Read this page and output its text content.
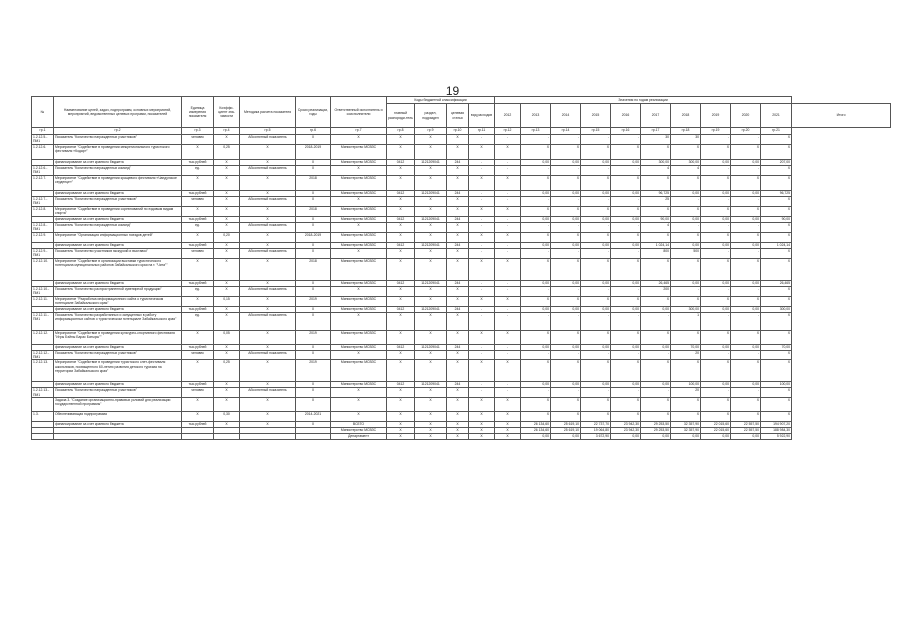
19
№	Наименование целей, задач, подпрограмм, основных мероприятий, мероприятий, ведомственных целевых программ, показателей	Единица измерения показателя	Коэффи-циент зна-чимости	Методика расчета показателя	Сроки реализации, годы	Ответственный исполнитель и соисполнители	Коды бюджетной классификации				Значения по годам реализации										
							главный распоряди-тель	раздел, подраздел	целевая статья	вид расходов	2012	2013	2014	2015	2016	2017	2018	2019	2020	2021	Итого
гр.1	гр.2	гр.3	гр.4	гр.5	гр.6	гр.7	гр.8	гр.9	гр.10	гр.11	гр.12	гр.13	гр.14	гр.15	гр.16	гр.17	гр.18	гр.19	гр.20	гр.21	
1.2.12.5.-ПМ1	Показатель "Количество награжденных участников"	человек	X	Абсолютный показатель	X	X	X	X	X	-	-	-	-	-	-	30	30	-	-	X	
1.2.12.6.	Мероприятие "Содействие в проведении межрегионального туристского фестиваля «Кодар»"	X	0,25	X	2018-2019	Министерство МСВЗС	X	X	X	X	X	X	X	X	X	X	X	X	X	X	
	финансирование за счет краевого бюджета	тыс.рублей	X	X	X	Министерство МСВЗС	0412	1121209041	244	-	-	0,00	0,00	0,00	0,00	300,00	300,00	0,00	0,00	207,00	
1.2.12.6.-ПМ1	Показатель "Количество награжденных команд"	ед.	X	Абсолютный показатель	X	X	X	X	X	-	-	-	-	-	-	4	4	-	-	X	
1.2.12.7.	Мероприятие "Содействие в проведении кращевого фестиваля «Чандулское серденце»"	X	X	X	2018	Министерство МСВЗС	X	X	X	X	X	X	X	X	X	X	X	X	X	X	
	финансирование за счет краевого бюджета	тыс.рублей	X	X	X	Министерство МСВЗС	0412	1121209041	244	-	-	0,00	0,00	0,00	0,00	96,725	0,00	0,00	0,00	96,725	
1.2.12.7.-ПМ1	Показатель "Количество награжденных участников"	человек	X	Абсолютный показатель	X	X	X	X	X	-	-	-	-	-	-	25	-	-	-	X	
1.2.12.8.	Мероприятие "Содействие в проведении соревнований по ездовым видам спорта"	X	X	X	2018	Министерство МСВЗС	X	X	X	X	X	X	X	X	X	X	X	X	X	X	
	финансирование за счет краевого бюджета	тыс.рублей	X	X	X	Министерство МСВЗС	0412	1121209041	244	-	-	0,00	0,00	0,00	0,00	90,00	0,00	0,00	0,00	90,00	
1.2.12.8.-ПМ1	Показатель "Количество награжденных команд"	ед.	X	Абсолютный показатель	X	X	X	X	X	-	-	-	-	-	-	4	-	-	-	X	
1.2.12.9.	Мероприятие "Организация информационных поездов детей"	X	0,20	X	2018-2019	Министерство МСВЗС	X	X	X	X	X	X	X	X	X	X	X	X	X	X	
	финансирование за счет краевого бюджета	тыс.рублей	X	X	X	Министерство МСВЗС	0412	1121209041	244	-	-	0,00	0,00	0,00	0,00	1 024,14	0,00	0,00	0,00	1 024,14	
1.2.12.9.-ПМ1	Показатель "Количество участников экскурсий и выставок"	человек	X	Абсолютный показатель	X	X	X	X	X	-	-	-	-	-	-	800	500	-	-	X	
1.2.12.10.	Мероприятие "Содействие в организации выставки туристического потенциала муниципальных районов Забайкальского края на т. "Чита""	X	X	X	2018	Министерство МСВЗС	X	X	X	X	X	X	X	X	X	X	X	X	X	X	
	финансирование за счет краевого бюджета	тыс.рублей	X	X	X	Министерство МСВЗС	0412	1121209041	244	-	-	0,00	0,00	0,00	0,00	26,465	0,00	0,00	0,00	26,465	
1.2.12.10.-ПМ1	Показатель "Количество распространенной сувенирной продукции"	ед.	X	Абсолютный показатель	X	X	X	X	X	-	-	-	-	-	-	200	-	-	-	X	
1.2.12.11.	Мероприятие "Разработка информационного сайта о туристическом потенциале Забайкальского края"	X	0,15	X	2019	Министерство МСВЗС	X	X	X	X	X	X	X	X	X	X	X	X	X	X	
	финансирование за счет краевого бюджета	тыс.рублей	X	X	X	Министерство МСВЗС	0412	1121209041	244	-	-	0,00	0,00	0,00	0,00	0,00	300,00	0,00	0,00	300,00	
1.2.12.11.-ПМ1	Показатель "Количество разработанных и запущенных в работу информационных сайтов о туристическом потенциале Забайкальского края"	ед.	X	Абсолютный показатель	X	X	X	X	X	-	-	-	-	-	-	-	1	-	-	X	
1.2.12.12.	Мероприятие "Содействие в проведении культурно-спортивного фестиваля "Игры Бэйны Барас Батыры""	X	0,05	X	2019	Министерство МСВЗС	X	X	X	X	X	X	X	X	X	X	X	X	X	X	
	финансирование за счет краевого бюджета	тыс.рублей	X	X	X	Министерство МСВЗС	0412	1121209041	244	-	-	0,00	0,00	0,00	0,00	0,00	70,00	0,00	0,00	70,00	
1.2.12.12.-ПМ1	Показатель "Количество награжденных участников"	человек	X	Абсолютный показатель	X	X	X	X	X	-	-	-	-	-	-	-	20	-	-	X	
1.2.12.13.	Мероприятие "Содействие в проведении туристского слет-фестиваля школьников, посвященного 60-летию развития детского туризма на территории Забайкальского края"	X	0,25	X	2019	Министерство МСВЗС	X	X	X	X	X	X	X	X	X	X	X	X	X	X	
	финансирование за счет краевого бюджета	тыс.рублей	X	X	X	Министерство МСВЗС	0412	1121209041	244	-	-	0,00	0,00	0,00	0,00	0,00	100,00	0,00	0,00	100,00	
1.2.12.13.-ПМ1	Показатель "Количество награжденных участников"	человек	X	Абсолютный показатель	X	X	X	X	X	-	-	-	-	-	-	-	20	-	-	X	
	Задача 3. "Создание организационно-правовых условий для реализации государственной программы"	X	X	X	X	X	X	X	X	X	X	X	X	X	X	X	X	X	X	X	
1.3.	Обеспечивающая подпрограмма	X	0,30	X	2014-2021	X	X	X	X	X	X	X	X	X	X	X	X	X	X	X	
	финансирование за счет краевого бюджета	тыс.рублей	X	X	X	ВСЕГО	X	X	X	X	X	26 134,60	25 619,10	22 737,70	23 942,30	29 253,50	32 357,90	22 015,60	22 557,50	194 907,20	
						Министерство МСВЗС	X	X	X	X	X	26 134,60	25 619,10	19 064,80	23 942,30	29 253,50	32 357,90	22 015,60	22 557,50	188 984,30	
						Департамент	X	X	X	X	X	0,00	0,00	3 672,90	0,00	0,00	0,00	0,00	0,00	5 922,90	
